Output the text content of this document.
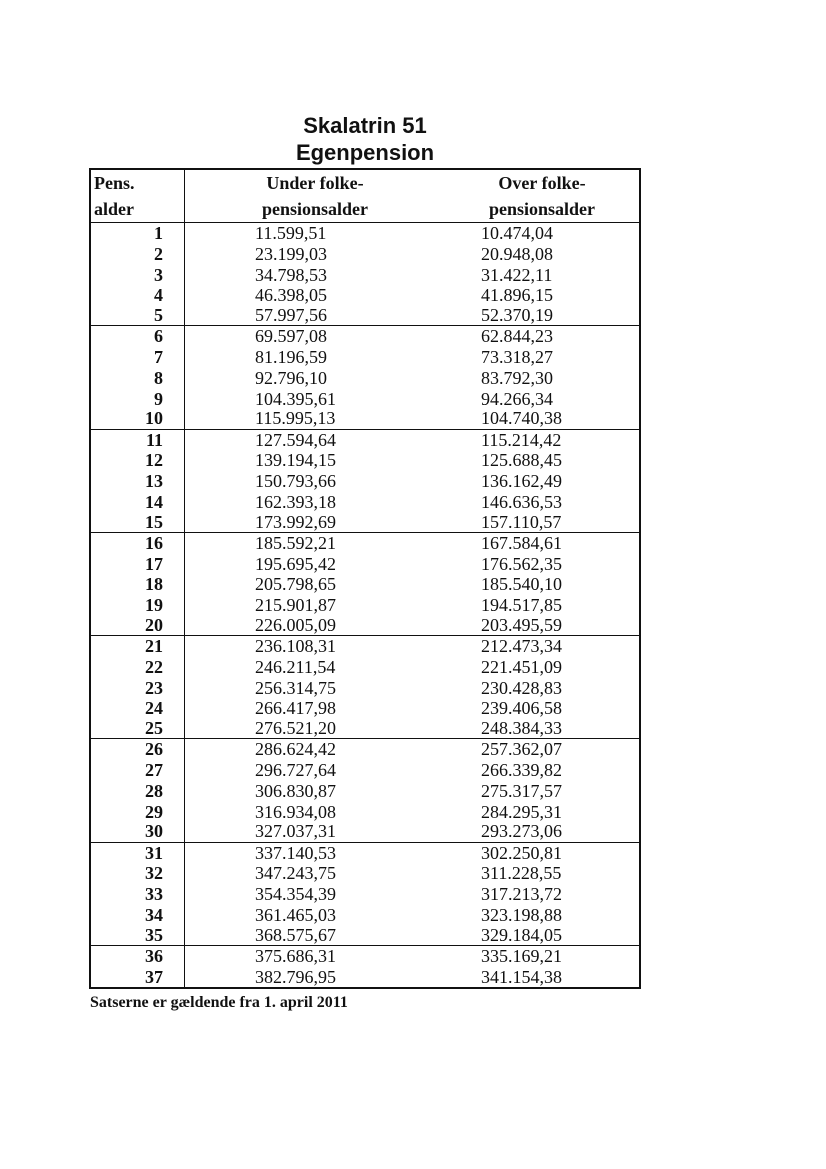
Skalatrin 51
Egenpension
Pens.
alder
Under folke-
pensionsalder
Over folke-
pensionsalder
1	11.599,51	10.474,04
2	23.199,03	20.948,08
3	34.798,53	31.422,11
4	46.398,05	41.896,15
5	57.997,56	52.370,19
6	69.597,08	62.844,23
7	81.196,59	73.318,27
8	92.796,10	83.792,30
9	104.395,61	94.266,34
10	115.995,13	104.740,38
11	127.594,64	115.214,42
12	139.194,15	125.688,45
13	150.793,66	136.162,49
14	162.393,18	146.636,53
15	173.992,69	157.110,57
16	185.592,21	167.584,61
17	195.695,42	176.562,35
18	205.798,65	185.540,10
19	215.901,87	194.517,85
20	226.005,09	203.495,59
21	236.108,31	212.473,34
22	246.211,54	221.451,09
23	256.314,75	230.428,83
24	266.417,98	239.406,58
25	276.521,20	248.384,33
26	286.624,42	257.362,07
27	296.727,64	266.339,82
28	306.830,87	275.317,57
29	316.934,08	284.295,31
30	327.037,31	293.273,06
31	337.140,53	302.250,81
32	347.243,75	311.228,55
33	354.354,39	317.213,72
34	361.465,03	323.198,88
35	368.575,67	329.184,05
36	375.686,31	335.169,21
37	382.796,95	341.154,38
Satserne er gældende fra 1. april 2011
